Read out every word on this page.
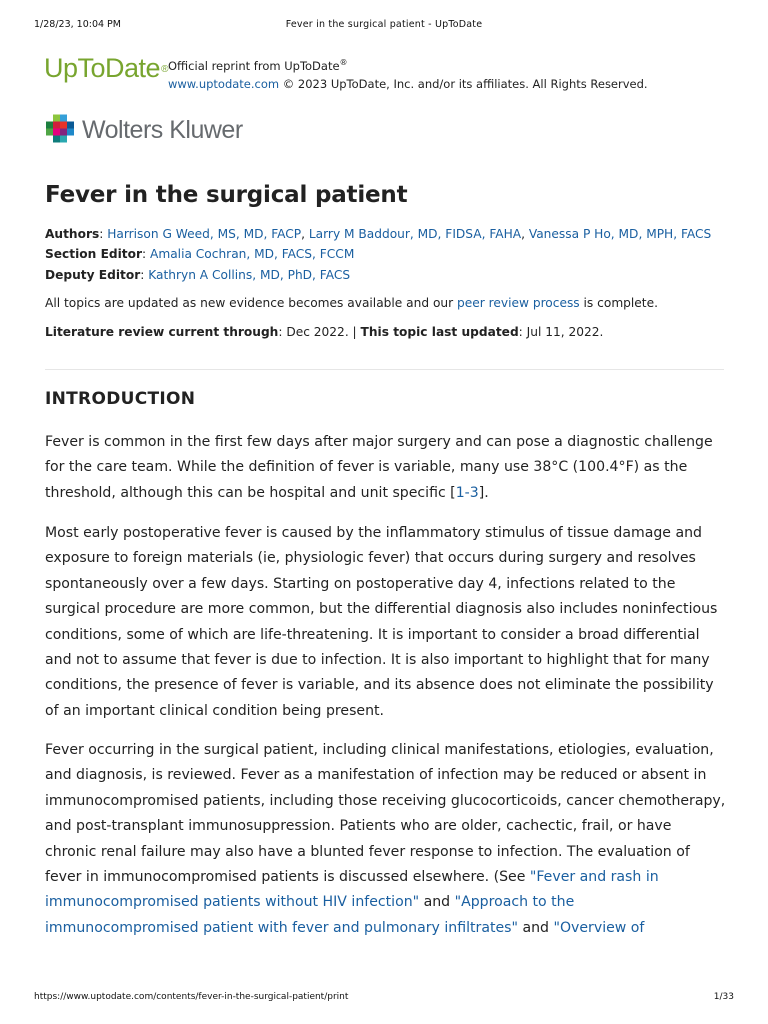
1/28/23, 10:04 PM	Fever in the surgical patient - UpToDate
UpToDate® Official reprint from UpToDate®
www.uptodate.com © 2023 UpToDate, Inc. and/or its affiliates. All Rights Reserved.
Wolters Kluwer
Fever in the surgical patient
Authors: Harrison G Weed, MS, MD, FACP, Larry M Baddour, MD, FIDSA, FAHA, Vanessa P Ho, MD, MPH, FACS
Section Editor: Amalia Cochran, MD, FACS, FCCM
Deputy Editor: Kathryn A Collins, MD, PhD, FACS
All topics are updated as new evidence becomes available and our peer review process is complete.
Literature review current through: Dec 2022. | This topic last updated: Jul 11, 2022.
INTRODUCTION

Fever is common in the first few days after major surgery and can pose a diagnostic challenge for the care team. While the definition of fever is variable, many use 38°C (100.4°F) as the threshold, although this can be hospital and unit specific [1-3].

Most early postoperative fever is caused by the inflammatory stimulus of tissue damage and exposure to foreign materials (ie, physiologic fever) that occurs during surgery and resolves spontaneously over a few days. Starting on postoperative day 4, infections related to the surgical procedure are more common, but the differential diagnosis also includes noninfectious conditions, some of which are life-threatening. It is important to consider a broad differential and not to assume that fever is due to infection. It is also important to highlight that for many conditions, the presence of fever is variable, and its absence does not eliminate the possibility of an important clinical condition being present.

Fever occurring in the surgical patient, including clinical manifestations, etiologies, evaluation, and diagnosis, is reviewed. Fever as a manifestation of infection may be reduced or absent in immunocompromised patients, including those receiving glucocorticoids, cancer chemotherapy, and post-transplant immunosuppression. Patients who are older, cachectic, frail, or have chronic renal failure may also have a blunted fever response to infection. The evaluation of fever in immunocompromised patients is discussed elsewhere. (See "Fever and rash in immunocompromised patients without HIV infection" and "Approach to the immunocompromised patient with fever and pulmonary infiltrates" and "Overview of

https://www.uptodate.com/contents/fever-in-the-surgical-patient/print	1/33
